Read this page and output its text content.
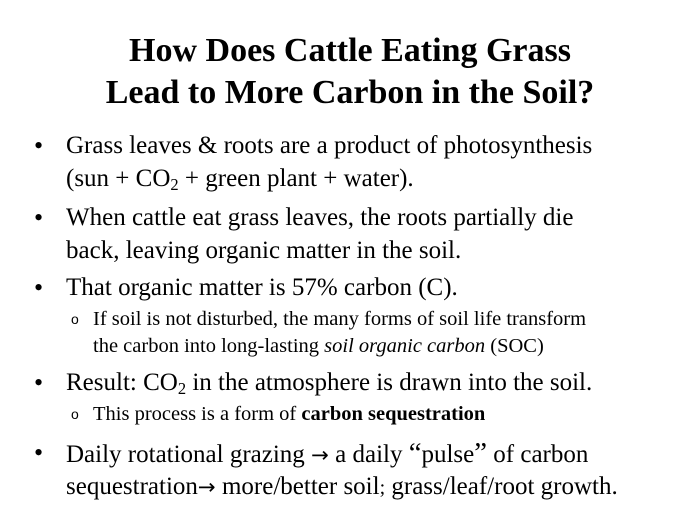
How Does Cattle Eating Grass
Lead to More Carbon in the Soil?
• Grass leaves & roots are a product of photosynthesis
($sun + CO_2$ + green plant + water).
• When cattle eat grass leaves, the roots partially die
back, leaving organic matter in the soil.
• That organic matter is 57% carbon (C).
o If soil is not disturbed, the many forms of soil life transform
the carbon into long-lasting soil organic carbon (SOC)
• Result: $CO_2$ in the atmosphere is drawn into the soil.
o This process is a form of carbon sequestration
• Daily rotational grazing → a daily “pulse” of carbon
sequestration→ more/better soil; grass/leaf/root growth.
